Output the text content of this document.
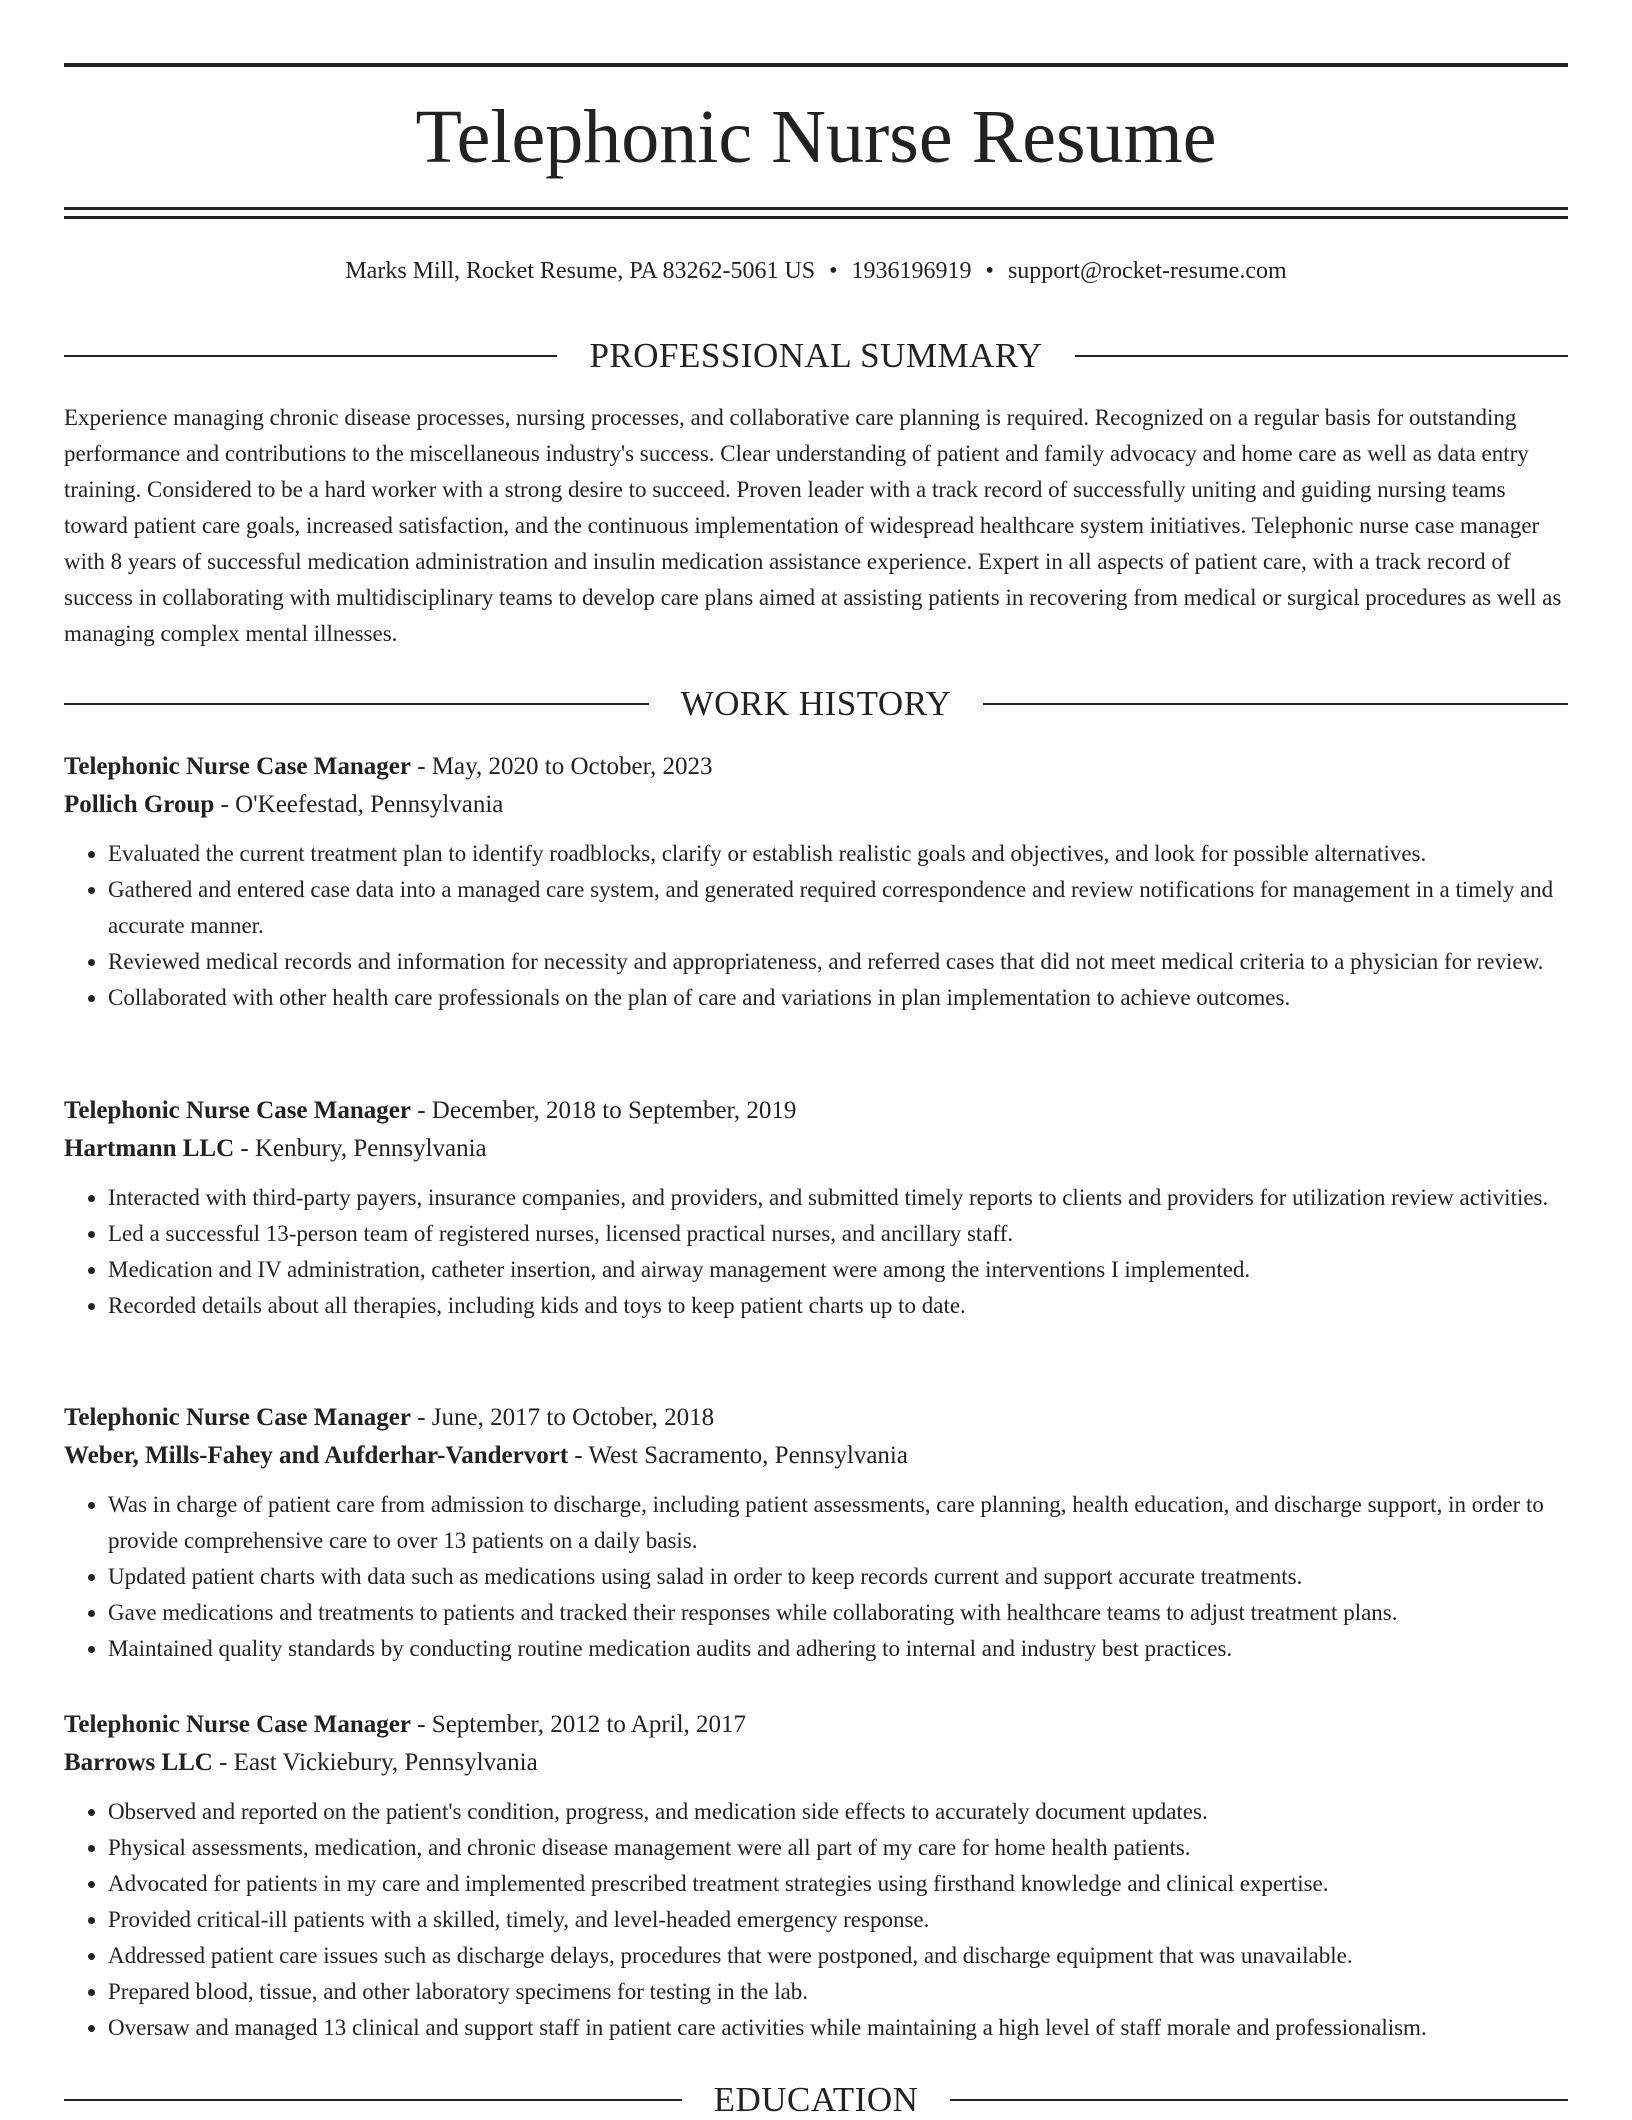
Telephonic Nurse Resume
Marks Mill, Rocket Resume, PA 83262-5061 US • 1936196919 • support@rocket-resume.com
PROFESSIONAL SUMMARY

Experience managing chronic disease processes, nursing processes, and collaborative care planning is required. Recognized on a regular basis for outstanding performance and contributions to the miscellaneous industry's success. Clear understanding of patient and family advocacy and home care as well as data entry training. Considered to be a hard worker with a strong desire to succeed. Proven leader with a track record of successfully uniting and guiding nursing teams toward patient care goals, increased satisfaction, and the continuous implementation of widespread healthcare system initiatives. Telephonic nurse case manager with 8 years of successful medication administration and insulin medication assistance experience. Expert in all aspects of patient care, with a track record of success in collaborating with multidisciplinary teams to develop care plans aimed at assisting patients in recovering from medical or surgical procedures as well as managing complex mental illnesses.

WORK HISTORY

Telephonic Nurse Case Manager - May, 2020 to October, 2023

Pollich Group - O'Keefestad, Pennsylvania

• Evaluated the current treatment plan to identify roadblocks, clarify or establish realistic goals and objectives, and look for possible alternatives.
• Gathered and entered case data into a managed care system, and generated required correspondence and review notifications for management in a timely and accurate manner.
• Reviewed medical records and information for necessity and appropriateness, and referred cases that did not meet medical criteria to a physician for review.
• Collaborated with other health care professionals on the plan of care and variations in plan implementation to achieve outcomes.

Telephonic Nurse Case Manager - December, 2018 to September, 2019

Hartmann LLC - Kenbury, Pennsylvania

• Interacted with third-party payers, insurance companies, and providers, and submitted timely reports to clients and providers for utilization review activities.
• Led a successful 13-person team of registered nurses, licensed practical nurses, and ancillary staff.
• Medication and IV administration, catheter insertion, and airway management were among the interventions I implemented.
• Recorded details about all therapies, including kids and toys to keep patient charts up to date.

Telephonic Nurse Case Manager - June, 2017 to October, 2018

Weber, Mills-Fahey and Aufderhar-Vandervort - West Sacramento, Pennsylvania

• Was in charge of patient care from admission to discharge, including patient assessments, care planning, health education, and discharge support, in order to provide comprehensive care to over 13 patients on a daily basis.
• Updated patient charts with data such as medications using salad in order to keep records current and support accurate treatments.
• Gave medications and treatments to patients and tracked their responses while collaborating with healthcare teams to adjust treatment plans.
• Maintained quality standards by conducting routine medication audits and adhering to internal and industry best practices.

Telephonic Nurse Case Manager - September, 2012 to April, 2017

Barrows LLC - East Vickiebury, Pennsylvania

• Observed and reported on the patient's condition, progress, and medication side effects to accurately document updates.
• Physical assessments, medication, and chronic disease management were all part of my care for home health patients.
• Advocated for patients in my care and implemented prescribed treatment strategies using firsthand knowledge and clinical expertise.
• Provided critical-ill patients with a skilled, timely, and level-headed emergency response.
• Addressed patient care issues such as discharge delays, procedures that were postponed, and discharge equipment that was unavailable.
• Prepared blood, tissue, and other laboratory specimens for testing in the lab.
• Oversaw and managed 13 clinical and support staff in patient care activities while maintaining a high level of staff morale and professionalism.
EDUCATION
